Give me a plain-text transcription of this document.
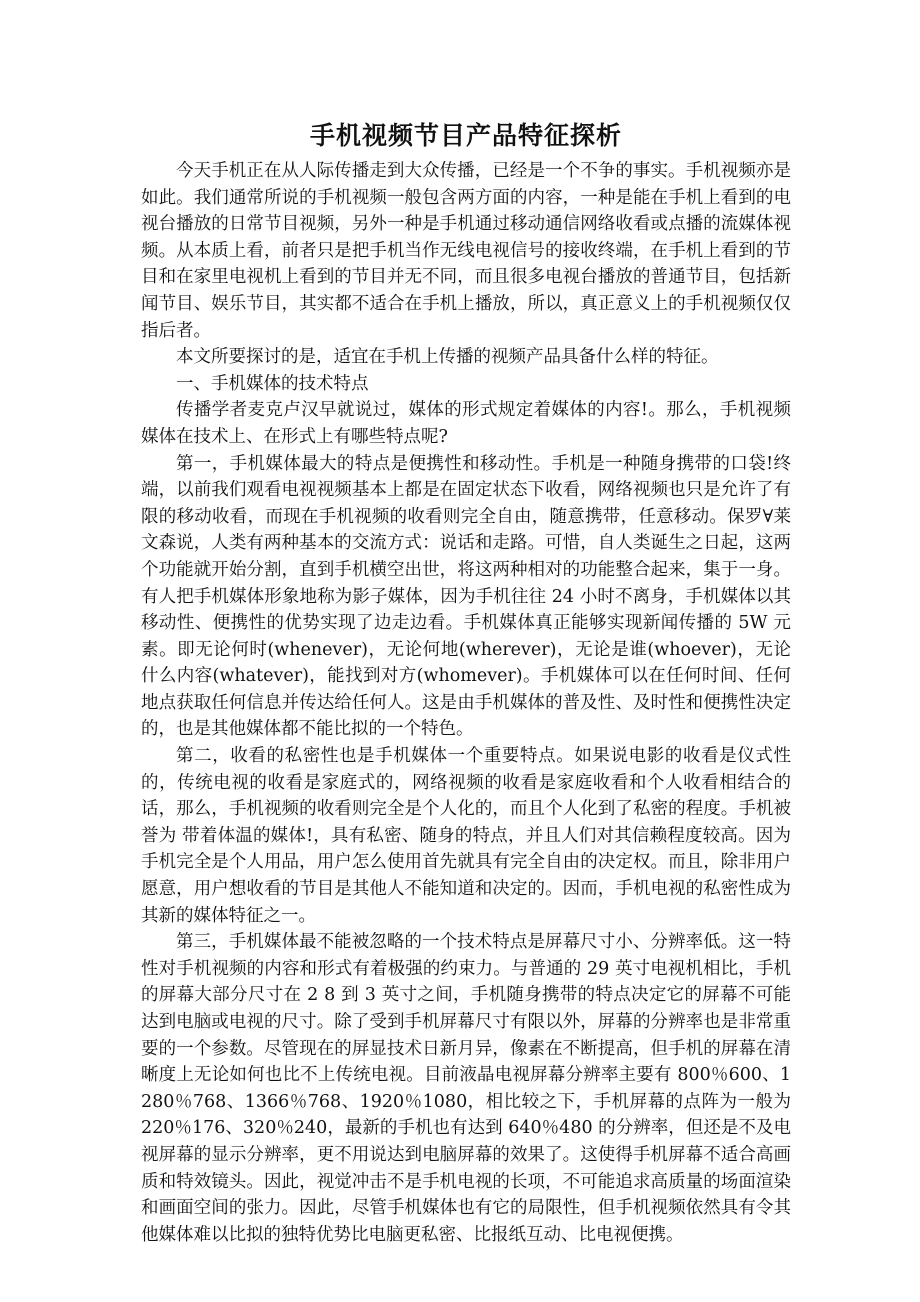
手机视频节目产品特征探析

今天手机正在从人际传播走到大众传播，已经是一个不争的事实。手机视频亦是如此。我们通常所说的手机视频一般包含两方面的内容，一种是能在手机上看到的电视台播放的日常节目视频，另外一种是手机通过移动通信网络收看或点播的流媒体视频。从本质上看，前者只是把手机当作无线电视信号的接收终端，在手机上看到的节目和在家里电视机上看到的节目并无不同，而且很多电视台播放的普通节目，包括新闻节目、娱乐节目，其实都不适合在手机上播放，所以，真正意义上的手机视频仅仅指后者。

本文所要探讨的是，适宜在手机上传播的视频产品具备什么样的特征。

一、手机媒体的技术特点

传播学者麦克卢汉早就说过，媒体的形式规定着媒体的内容!。那么，手机视频媒体在技术上、在形式上有哪些特点呢?

第一，手机媒体最大的特点是便携性和移动性。手机是一种随身携带的口袋!终端，以前我们观看电视视频基本上都是在固定状态下收看，网络视频也只是允许了有限的移动收看，而现在手机视频的收看则完全自由，随意携带，任意移动。保罗∀莱文森说，人类有两种基本的交流方式：说话和走路。可惜，自人类诞生之日起，这两个功能就开始分割，直到手机横空出世，将这两种相对的功能整合起来，集于一身。有人把手机媒体形象地称为影子媒体，因为手机往往 24 小时不离身，手机媒体以其移动性、便携性的优势实现了边走边看。手机媒体真正能够实现新闻传播的 5W 元素。即无论何时(whenever)，无论何地(wherever)，无论是谁(whoever)，无论什么内容(whatever)，能找到对方(whomever)。手机媒体可以在任何时间、任何地点获取任何信息并传达给任何人。这是由手机媒体的普及性、及时性和便携性决定的，也是其他媒体都不能比拟的一个特色。

第二，收看的私密性也是手机媒体一个重要特点。如果说电影的收看是仪式性的，传统电视的收看是家庭式的，网络视频的收看是家庭收看和个人收看相结合的话，那么，手机视频的收看则完全是个人化的，而且个人化到了私密的程度。手机被誉为 带着体温的媒体!，具有私密、随身的特点，并且人们对其信赖程度较高。因为手机完全是个人用品，用户怎么使用首先就具有完全自由的决定权。而且，除非用户愿意，用户想收看的节目是其他人不能知道和决定的。因而，手机电视的私密性成为其新的媒体特征之一。

第三，手机媒体最不能被忽略的一个技术特点是屏幕尺寸小、分辨率低。这一特性对手机视频的内容和形式有着极强的约束力。与普通的 29 英寸电视机相比，手机的屏幕大部分尺寸在 2 8 到 3 英寸之间，手机随身携带的特点决定它的屏幕不可能达到电脑或电视的尺寸。除了受到手机屏幕尺寸有限以外，屏幕的分辨率也是非常重要的一个参数。尽管现在的屏显技术日新月异，像素在不断提高，但手机的屏幕在清晰度上无论如何也比不上传统电视。目前液晶电视屏幕分辨率主要有 800％600、1280％768、1366％768、1920％1080，相比较之下，手机屏幕的点阵为一般为 220％176、320％240，最新的手机也有达到 640％480 的分辨率，但还是不及电视屏幕的显示分辨率，更不用说达到电脑屏幕的效果了。这使得手机屏幕不适合高画质和特效镜头。因此，视觉冲击不是手机电视的长项，不可能追求高质量的场面渲染和画面空间的张力。因此，尽管手机媒体也有它的局限性，但手机视频依然具有令其他媒体难以比拟的独特优势比电脑更私密、比报纸互动、比电视便携。
